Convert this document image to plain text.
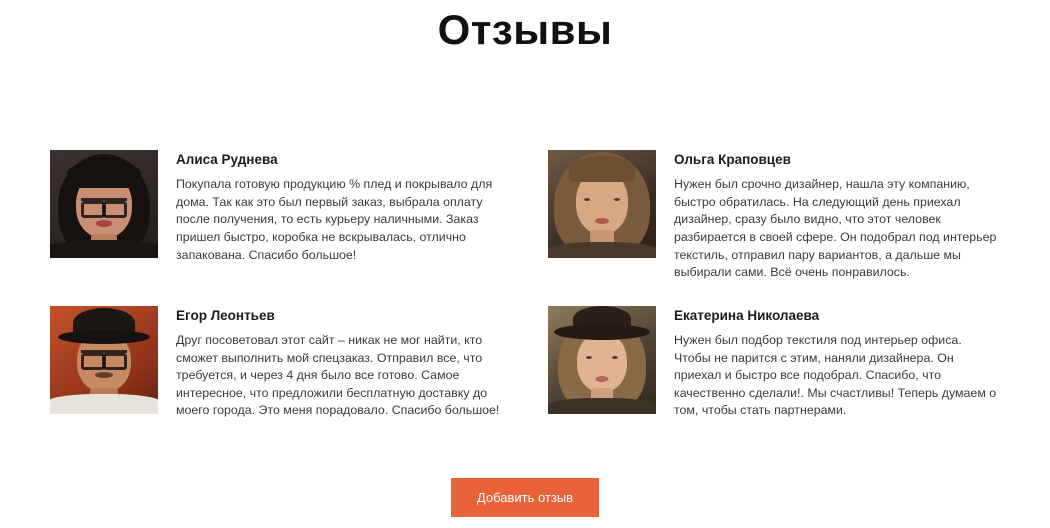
Отзывы

Алиса Руднева

Покупала готовую продукцию % плед и покрывало для дома. Так как это был первый заказ, выбрала оплату после получения, то есть курьеру наличными. Заказ пришел быстро, коробка не вскрывалась, отлично запакована. Спасибо большое!

Ольга Краповцев

Нужен был срочно дизайнер, нашла эту компанию, быстро обратилась. На следующий день приехал дизайнер, сразу было видно, что этот человек разбирается в своей сфере. Он подобрал под интерьер текстиль, отправил пару вариантов, а дальше мы выбирали сами. Всё очень понравилось.

Егор Леонтьев

Друг посоветовал этот сайт – никак не мог найти, кто сможет выполнить мой спецзаказ. Отправил все, что требуется, и через 4 дня было все готово. Самое интересное, что предложили бесплатную доставку до моего города. Это меня порадовало. Спасибо большое!

Екатерина Николаева

Нужен был подбор текстиля под интерьер офиса. Чтобы не парится с этим, наняли дизайнера. Он приехал и быстро все подобрал. Спасибо, что качественно сделали!. Мы счастливы! Теперь думаем о том, чтобы стать партнерами.

Добавить отзыв
